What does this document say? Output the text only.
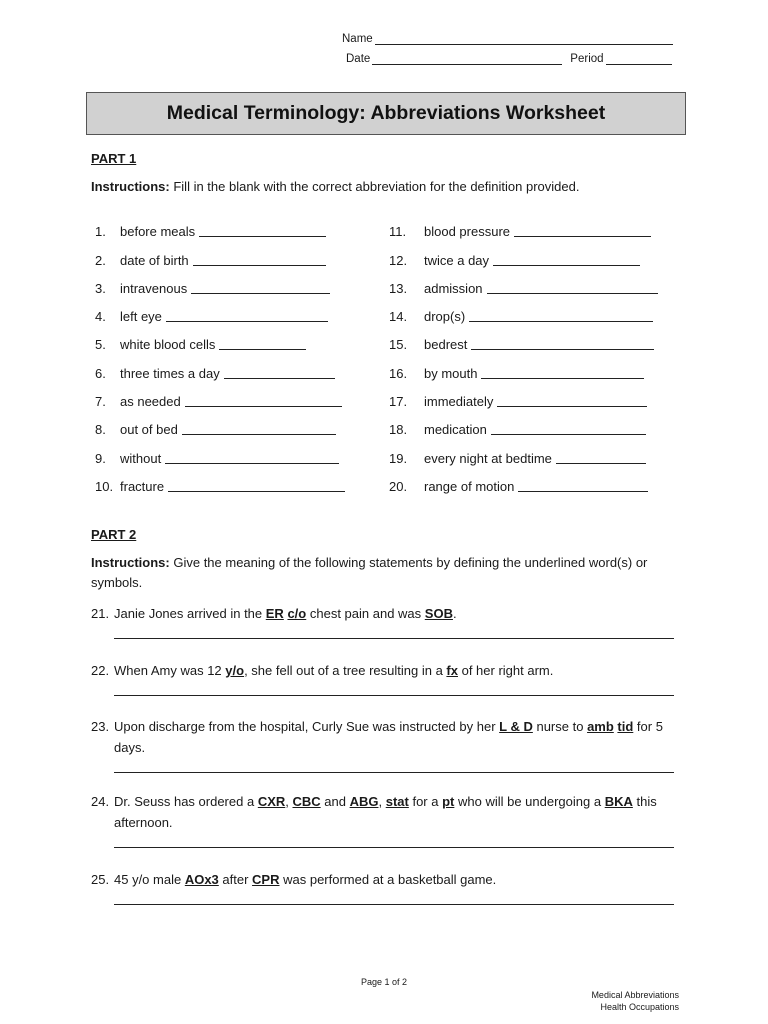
Name
Date	Period
Medical Terminology: Abbreviations Worksheet
PART 1
Instructions: Fill in the blank with the correct abbreviation for the definition provided.
1.	before meals
2.	date of birth
3.	intravenous
4.	left eye
5.	white blood cells
6.	three times a day
7.	as needed
8.	out of bed
9.	without
10. fracture
11.	blood pressure
12.	twice a day
13.	admission
14.	drop(s)
15.	bedrest
16.	by mouth
17.	immediately
18.	medication
19.	every night at bedtime
20.	range of motion
PART 2
Instructions: Give the meaning of the following statements by defining the underlined word(s) or symbols.
21. Janie Jones arrived in the ER c/o chest pain and was SOB.
22. When Amy was 12 y/o, she fell out of a tree resulting in a fx of her right arm.
23. Upon discharge from the hospital, Curly Sue was instructed by her L & D nurse to amb tid for 5 days.
24. Dr. Seuss has ordered a CXR, CBC and ABG, stat for a pt who will be undergoing a BKA this afternoon.
25. 45 y/o male AOx3 after CPR was performed at a basketball game.
Page 1 of 2
Medical Abbreviations
Health Occupations
